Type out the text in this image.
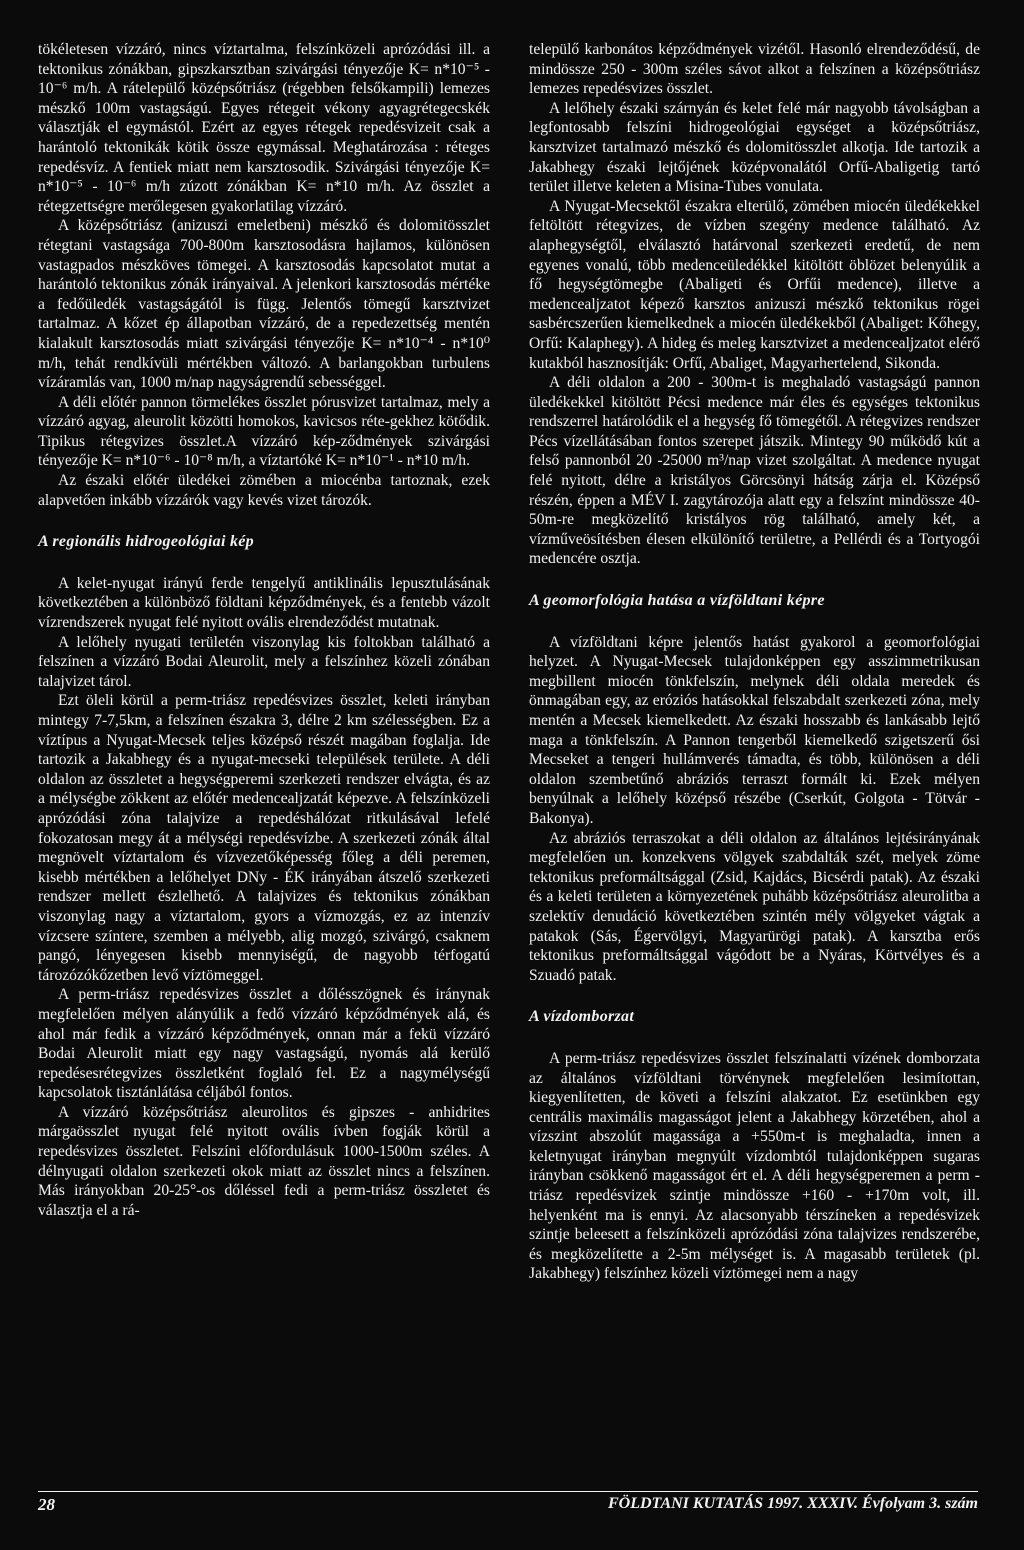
tökéletesen vízzáró, nincs víztartalma, felszínközeli aprózódási ill. a tektonikus zónákban, gipszkarsztban szivárgási tényezője K= n*10⁻⁵ - 10⁻⁶ m/h. A rátelepülő középsőtriász (régebben felsőkampili) lemezes mészkő 100m vastagságú. Egyes rétegeit vékony agyagrétegecskék választják el egymástól. Ezért az egyes rétegek repedésvizeit csak a harántoló tektonikák kötik össze egymással. Meghatározása : réteges repedésvíz. A fentiek miatt nem karsztosodik. Szivárgási tényezője K= n*10⁻⁵ - 10⁻⁶ m/h zúzott zónákban K= n*10 m/h. Az összlet a rétegzettségre merőlegesen gyakorlatilag vízzáró.

A középsőtriász (anizuszi emeletbeni) mészkő és dolomitösszlet rétegtani vastagsága 700-800m karsztosodásra hajlamos, különösen vastagpados mészköves tömegei. A karsztosodás kapcsolatot mutat a harántoló tektonikus zónák irányaival. A jelenkori karsztosodás mértéke a fedőüledék vastagságától is függ. Jelentős tömegű karsztvizet tartalmaz. A kőzet ép állapotban vízzáró, de a repedezettség mentén kialakult karsztosodás miatt szivárgási tényezője K= n*10⁻⁴ - n*10⁰ m/h, tehát rendkívüli mértékben változó. A barlangokban turbulens vízáramlás van, 1000 m/nap nagyságrendű sebességgel.

A déli előtér pannon törmelékes összlet pórusvizet tartalmaz, mely a vízzáró agyag, aleurolit közötti homokos, kavicsos réte-gekhez kötődik. Tipikus rétegvizes összlet.A vízzáró kép-ződmények szivárgási tényezője K= n*10⁻⁶ - 10⁻⁸ m/h, a víztartóké K= n*10⁻¹ - n*10 m/h.

Az északi előtér üledékei zömében a miocénba tartoznak, ezek alapvetően inkább vízzárók vagy kevés vizet tározók.

A regionális hidrogeológiai kép

A kelet-nyugat irányú ferde tengelyű antiklinális lepusztulásának következtében a különböző földtani képződmények, és a fentebb vázolt vízrendszerek nyugat felé nyitott ovális elrendeződést mutatnak.

A lelőhely nyugati területén viszonylag kis foltokban található a felszínen a vízzáró Bodai Aleurolit, mely a felszínhez közeli zónában talajvizet tárol.

Ezt öleli körül a perm-triász repedésvizes összlet, keleti irányban mintegy 7-7,5km, a felszínen északra 3, délre 2 km szélességben. Ez a víztípus a Nyugat-Mecsek teljes középső részét magában foglalja. Ide tartozik a Jakabhegy és a nyugat-mecseki települések területe. A déli oldalon az összletet a hegységperemi szerkezeti rendszer elvágta, és az a mélységbe zökkent az előtér medencealjzatát képezve. A felszínközeli aprózódási zóna talajvize a repedéshálózat ritkulásával lefelé fokozatosan megy át a mélységi repedésvízbe. A szerkezeti zónák által megnövelt víztartalom és vízvezetőképesség főleg a déli peremen, kisebb mértékben a lelőhelyet DNy - ÉK irányában átszelő szerkezeti rendszer mellett észlelhető. A talajvizes és tektonikus zónákban viszonylag nagy a víztartalom, gyors a vízmozgás, ez az intenzív vízcsere színtere, szemben a mélyebb, alig mozgó, szivárgó, csaknem pangó, lényegesen kisebb mennyiségű, de nagyobb térfogatú tározózókőzetben levő víztömeggel.

A perm-triász repedésvizes összlet a dőlésszögnek és iránynak megfelelően mélyen alányúlik a fedő vízzáró képződmények alá, és ahol már fedik a vízzáró képződmények, onnan már a fekü vízzáró Bodai Aleurolit miatt egy nagy vastagságú, nyomás alá kerülő repedésesrétegvizes összletként foglaló fel. Ez a nagymélységű kapcsolatok tisztánlátása céljából fontos.

A vízzáró középsőtriász aleurolitos és gipszes - anhidrites márgaösszlet nyugat felé nyitott ovális ívben fogják körül a repedésvizes összletet. Felszíni előfordulásuk 1000-1500m széles. A délnyugati oldalon szerkezeti okok miatt az összlet nincs a felszínen. Más irányokban 20-25°-os dőléssel fedi a perm-triász összletet és választja el a rá-

települő karbonátos képződmények vizétől. Hasonló elrendeződésű, de mindössze 250 - 300m széles sávot alkot a felszínen a középsőtriász lemezes repedésvizes összlet.

A lelőhely északi szárnyán és kelet felé már nagyobb távolságban a legfontosabb felszíni hidrogeológiai egységet a középsőtriász, karsztvizet tartalmazó mészkő és dolomitösszlet alkotja. Ide tartozik a Jakabhegy északi lejtőjének középvonalától Orfű-Abaligetig tartó terület illetve keleten a Misina-Tubes vonulata.

A Nyugat-Mecsektől északra elterülő, zömében miocén üledékekkel feltöltött rétegvizes, de vízben szegény medence található. Az alaphegységtől, elválasztó határvonal szerkezeti eredetű, de nem egyenes vonalú, több medenceüledékkel kitöltött öblözet belenyúlik a fő hegységtömegbe (Abaligeti és Orfűi medence), illetve a medencealjzatot képező karsztos anizuszi mészkő tektonikus rögei sasbércszerűen kiemelkednek a miocén üledékekből (Abaliget: Kőhegy, Orfű: Kalaphegy). A hideg és meleg karsztvizet a medencealjzatot elérő kutakból hasznosítják: Orfű, Abaliget, Magyarhertelend, Sikonda.

A déli oldalon a 200 - 300m-t is meghaladó vastagságú pannon üledékekkel kitöltött Pécsi medence már éles és egységes tektonikus rendszerrel határolódik el a hegység fő tömegétől. A rétegvizes rendszer Pécs vízellátásában fontos szerepet játszik. Mintegy 90 működő kút a felső pannonból 20 -25000 m³/nap vizet szolgáltat. A medence nyugat felé nyitott, délre a kristályos Görcsönyi hátság zárja el. Középső részén, éppen a MÉV I. zagytározója alatt egy a felszínt mindössze 40-50m-re megközelítő kristályos rög található, amely két, a vízműveösítésben élesen elkülönítő területre, a Pellérdi és a Tortyogói medencére osztja.

A geomorfológia hatása a vízföldtani képre

A vízföldtani képre jelentős hatást gyakorol a geomorfológiai helyzet. A Nyugat-Mecsek tulajdonképpen egy asszimmetrikusan megbillent miocén tönkfelszín, melynek déli oldala meredek és önmagában egy, az eróziós hatásokkal felszabdalt szerkezeti zóna, mely mentén a Mecsek kiemelkedett. Az északi hosszabb és lankásabb lejtő maga a tönkfelszín. A Pannon tengerből kiemelkedő szigetszerű ősi Mecseket a tengeri hullámverés támadta, és több, különösen a déli oldalon szembetűnő abráziós terraszt formált ki. Ezek mélyen benyúlnak a lelőhely középső részébe (Cserkút, Golgota - Tötvár - Bakonya).

Az abráziós terraszokat a déli oldalon az általános lejtésirányának megfelelően un. konzekvens völgyek szabdalták szét, melyek zöme tektonikus preformáltsággal (Zsid, Kajdács, Bicsérdi patak). Az északi és a keleti területen a környezetének puhább középsőtriász aleurolitba a szelektív denudáció következtében szintén mély völgyeket vágtak a patakok (Sás, Égervölgyi, Magyarürögi patak). A karsztba erős tektonikus preformáltsággal vágódott be a Nyáras, Körtvélyes és a Szuadó patak.

A vízdomborzat

A perm-triász repedésvizes összlet felszínalatti vízének domborzata az általános vízföldtani törvénynek megfelelően lesimítottan, kiegyenlítetten, de követi a felszíni alakzatot. Ez esetünkben egy centrális maximális magasságot jelent a Jakabhegy körzetében, ahol a vízszint abszolút magassága a +550m-t is meghaladta, innen a keletnyugat irányban megnyúlt vízdombtól tulajdonképpen sugaras irányban csökkenő magasságot ért el. A déli hegységperemen a perm - triász repedésvizek szintje mindössze +160 - +170m volt, ill. helyenként ma is ennyi. Az alacsonyabb térszíneken a repedésvizek szintje beleesett a felszínközeli aprózódási zóna talajvizes rendszerébe, és megközelítette a 2-5m mélységet is. A magasabb területek (pl. Jakabhegy) felszínhez közeli víztömegei nem a nagy

28	FÖLDTANI KUTATÁS 1997. XXXIV. Évfolyam 3. szám
